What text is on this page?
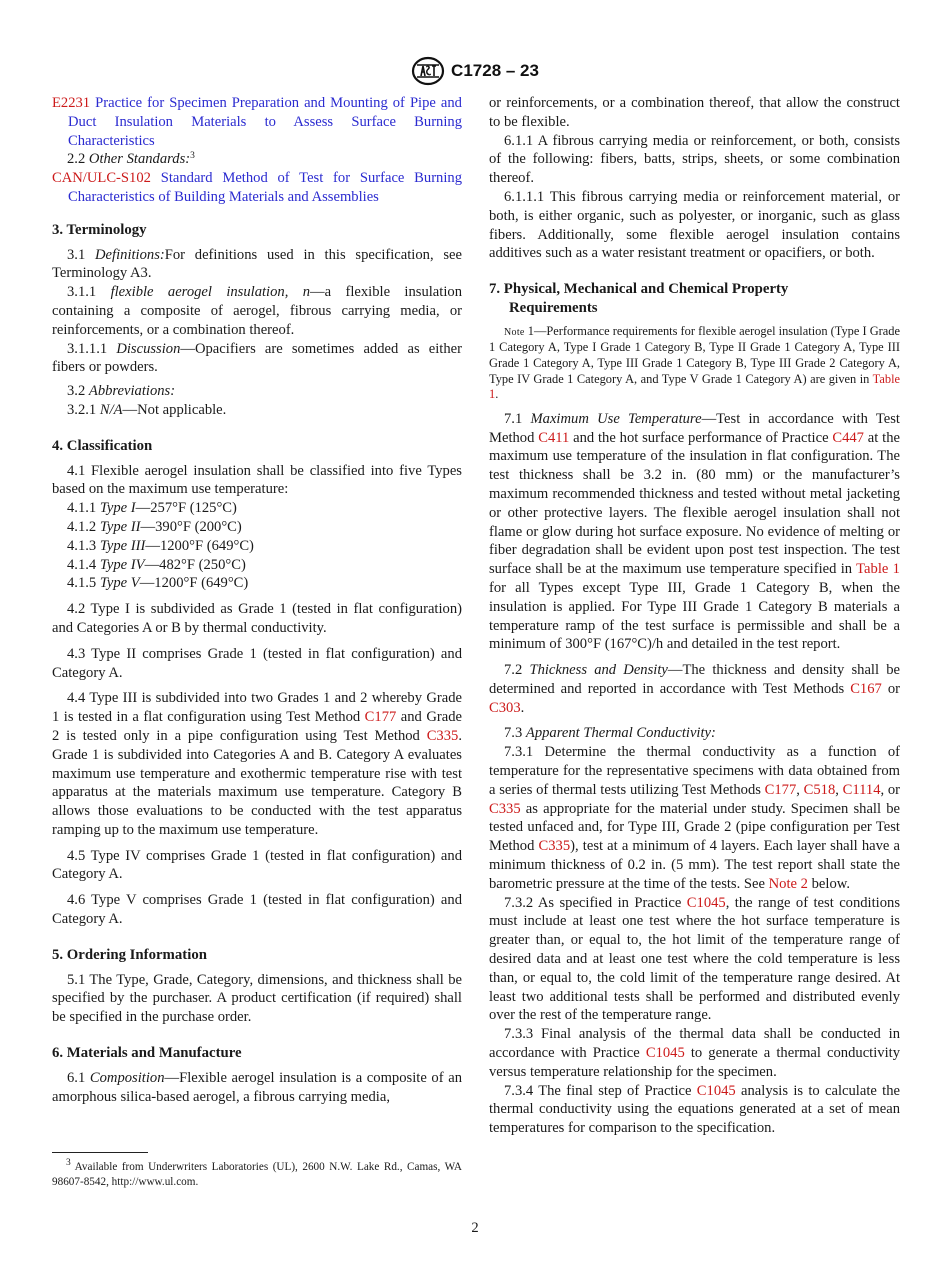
C1728 – 23

E2231 Practice for Specimen Preparation and Mounting of Pipe and Duct Insulation Materials to Assess Surface Burning Characteristics

2.2 Other Standards:$^3$

CAN/ULC-S102 Standard Method of Test for Surface Burning Characteristics of Building Materials and Assemblies

3. Terminology

3.1 Definitions:For definitions used in this specification, see Terminology A3.

3.1.1 flexible aerogel insulation, n—a flexible insulation containing a composite of aerogel, fibrous carrying media, or reinforcements, or a combination thereof.

3.1.1.1 Discussion—Opacifiers are sometimes added as either fibers or powders.

3.2 Abbreviations:

3.2.1 N/A—Not applicable.

4. Classification

4.1 Flexible aerogel insulation shall be classified into five Types based on the maximum use temperature:

4.1.1 Type I—257°F (125°C)

4.1.2 Type II—390°F (200°C)

4.1.3 Type III—1200°F (649°C)

4.1.4 Type IV—482°F (250°C)

4.1.5 Type V—1200°F (649°C)

4.2 Type I is subdivided as Grade 1 (tested in flat configuration) and Categories A or B by thermal conductivity.

4.3 Type II comprises Grade 1 (tested in flat configuration) and Category A.

4.4 Type III is subdivided into two Grades 1 and 2 whereby Grade 1 is tested in a flat configuration using Test Method C177 and Grade 2 is tested only in a pipe configuration using Test Method C335. Grade 1 is subdivided into Categories A and B. Category A evaluates maximum use temperature and exothermic temperature rise with test apparatus at the materials maximum use temperature. Category B allows those evaluations to be conducted with the test apparatus ramping up to the maximum use temperature.

4.5 Type IV comprises Grade 1 (tested in flat configuration) and Category A.

4.6 Type V comprises Grade 1 (tested in flat configuration) and Category A.

5. Ordering Information

5.1 The Type, Grade, Category, dimensions, and thickness shall be specified by the purchaser. A product certification (if required) shall be specified in the purchase order.

6. Materials and Manufacture

6.1 Composition—Flexible aerogel insulation is a composite of an amorphous silica-based aerogel, a fibrous carrying media,

or reinforcements, or a combination thereof, that allow the construct to be flexible.

6.1.1 A fibrous carrying media or reinforcement, or both, consists of the following: fibers, batts, strips, sheets, or some combination thereof.

6.1.1.1 This fibrous carrying media or reinforcement material, or both, is either organic, such as polyester, or inorganic, such as glass fibers. Additionally, some flexible aerogel insulation contains additives such as a water resistant treatment or opacifiers, or both.

7. Physical, Mechanical and Chemical Property
Requirements

Note 1—Performance requirements for flexible aerogel insulation (Type I Grade 1 Category A, Type I Grade 1 Category B, Type II Grade 1 Category A, Type III Grade 1 Category A, Type III Grade 1 Category B, Type III Grade 2 Category A, Type IV Grade 1 Category A, and Type V Grade 1 Category A) are given in Table 1.

7.1 Maximum Use Temperature—Test in accordance with Test Method C411 and the hot surface performance of Practice C447 at the maximum use temperature of the insulation in flat configuration. The test thickness shall be 3.2 in. (80 mm) or the manufacturer’s maximum recommended thickness and tested without metal jacketing or other protective layers. The flexible aerogel insulation shall not flame or glow during hot surface exposure. No evidence of melting or fiber degradation shall be evident upon post test inspection. The test surface shall be at the maximum use temperature specified in Table 1 for all Types except Type III, Grade 1 Category B, when the insulation is applied. For Type III Grade 1 Category B materials a temperature ramp of the test surface is permissible and shall be a minimum of 300°F (167°C)/h and detailed in the test report.

7.2 Thickness and Density—The thickness and density shall be determined and reported in accordance with Test Methods C167 or C303.

7.3 Apparent Thermal Conductivity:

7.3.1 Determine the thermal conductivity as a function of temperature for the representative specimens with data obtained from a series of thermal tests utilizing Test Methods C177, C518, C1114, or C335 as appropriate for the material under study. Specimen shall be tested unfaced and, for Type III, Grade 2 (pipe configuration per Test Method C335), test at a minimum of 4 layers. Each layer shall have a minimum thickness of 0.2 in. (5 mm). The test report shall state the barometric pressure at the time of the tests. See Note 2 below.

7.3.2 As specified in Practice C1045, the range of test conditions must include at least one test where the hot surface temperature is greater than, or equal to, the hot limit of the temperature range of desired data and at least one test where the cold temperature is less than, or equal to, the cold limit of the temperature range desired. At least two additional tests shall be performed and distributed evenly over the rest of the temperature range.

7.3.3 Final analysis of the thermal data shall be conducted in accordance with Practice C1045 to generate a thermal conductivity versus temperature relationship for the specimen.

7.3.4 The final step of Practice C1045 analysis is to calculate the thermal conductivity using the equations generated at a set of mean temperatures for comparison to the specification.

$^3$ Available from Underwriters Laboratories (UL), 2600 N.W. Lake Rd., Camas, WA 98607-8542, http://www.ul.com.
2
